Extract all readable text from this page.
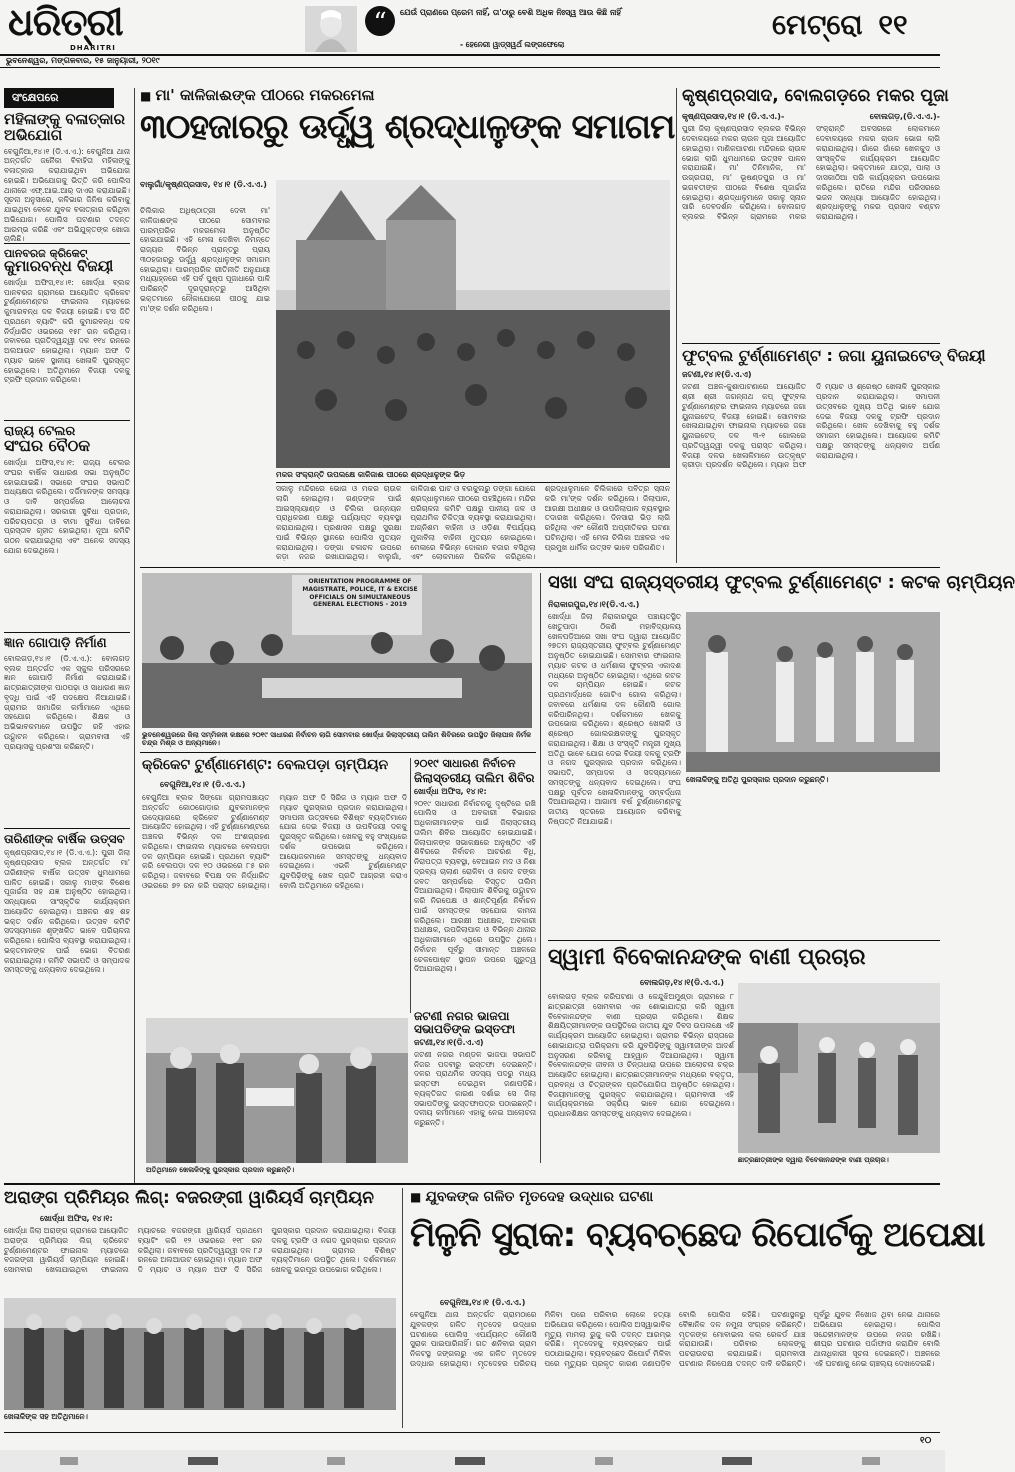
ଧରିତ୍ରୀ
DHARITRI
ଭୁବନେଶ୍ୱର, ମଙ୍ଗଳବାର, ୧୫ ଜାନୁୟାରୀ, ୨୦୧୯
“	ଯେଉଁ ପ୍ରାଣରେ ପ୍ରେମ ନାହିଁ, ତା'ଠାରୁ ବେଶି ଅଧିକ ନିଃସ୍ୱ ଆଉ କିଛି ନାହିଁ
- ହେନେରୀ ୱାଡ୍ସୱର୍ଥ ଲଙ୍ଗଫେଲୋ
ମେଟ୍ରୋ ୧୧
ସଂକ୍ଷେପରେ
ମହିଳାଙ୍କୁ ବଳାତ୍କାର ଅଭିଯୋଗ
ବେଗୁନିଆ,୧୪।୧ (ଡି.ଏ.ଏ.): ବେଗୁନିଆ ଥାନା ଅନ୍ତର୍ଗତ ଜନୈକା ବିବାହିତା ମହିଳାଙ୍କୁ ବଳାତ୍କାର କରାଯାଇଥିବା ଅଭିଯୋଗ ହୋଇଛି। ଅଭିଯୋଗକୁ ଭିତ୍ତି କରି ପୋଲିସ ଥାନାରେ ଏଫ୍.ଆଇ.ଆର୍ ଦାଏର କରାଯାଇଛି। ସୂଚନା ଅନୁସାରେ, କଳିଭାର ଜିନିଷ କରିବାକୁ ଯାଇଥିବା ବେଳେ ଯୁବକ ବଳାତ୍କାର କରିଥିବା ଅଭିଯୋଗ। ପୋଲିସ ଘଟଣାର ତଦନ୍ତ ଆରମ୍ଭ କରିଛି ଏବଂ ଅଭିଯୁକ୍ତଙ୍କ ଖୋଜା ଚାଲିଛି।
ପାନବରଜ କ୍ରିକେଟ୍
କୁମାରବନ୍ଧ ବିଜୟୀ
ଖୋର୍ଦ୍ଧା ଅଫିସ,୧୪।୧: ଖୋର୍ଦ୍ଧା ବ୍ଲକ ପାନବରଜ ଗ୍ରାମରେ ଆୟୋଜିତ କ୍ରିକେଟ ଟୁର୍ଣ୍ଣାମେଣ୍ଟର ଫାଇନାଲ ମ୍ୟାଚରେ କୁମାରବନ୍ଧ ଦଳ ବିଜୟୀ ହୋଇଛି। ଟସ ଜିତି ପ୍ରଥମେ ବ୍ୟାଟିଂ କରି କୁମାରବନ୍ଧ ଦଳ ନିର୍ଦ୍ଧାରିତ ଓଭରରେ ୧୫୮ ରନ କରିଥିଲା। ଜବାବରେ ପ୍ରତିଦ୍ୱନ୍ଦ୍ୱୀ ଦଳ ୧୧୪ ରନରେ ଅଲଆଉଟ ହୋଇଥିଲା। ମ୍ୟାନ ଅଫ ଦି ମ୍ୟାଚ ଭାବେ ସ୍ଥାନୀୟ ଖେଳାଳି ପୁରସ୍କୃତ ହୋଇଥିଲେ। ଅତିଥିମାନେ ବିଜୟୀ ଦଳକୁ ଟ୍ରଫି ପ୍ରଦାନ କରିଥିଲେ।
ରାଜ୍ୟ ଟେଲର
ସଂଘର ବୈଠକ
ଖୋର୍ଦ୍ଧା ଅଫିସ,୧୪।୧: ରାଜ୍ୟ ଟେଲର ସଂଘର ବାର୍ଷିକ ସାଧାରଣ ସଭା ଅନୁଷ୍ଠିତ ହୋଇଯାଇଛି। ସଭାରେ ସଂଘର ସଭାପତି ଅଧ୍ୟକ୍ଷତା କରିଥିଲେ। ଦର୍ଜିମାନଙ୍କ ସମସ୍ୟା ଓ ଦାବି ସମ୍ପର୍କରେ ଆଲୋଚନା କରାଯାଇଥିଲା। ସରକାରୀ ସୁବିଧା ପ୍ରଦାନ, ପରିଚୟପତ୍ର ଓ ବୀମା ସୁବିଧା ଦାବିରେ ପ୍ରସ୍ତାବ ଗୃହୀତ ହୋଇଥିଲା। ନୂଆ କମିଟି ଗଠନ କରାଯାଇଥିଲା ଏବଂ ଅନେକ ସଦସ୍ୟ ଯୋଗ ଦେଇଥିଲେ।
ଜ୍ଞାନ ଗୋପାଡ଼ି ନିର୍ମାଣ
ବୋଲଗଡ଼,୧୪।୧ (ଡି.ଏ.ଏ.): ବୋଲଗଡ଼ ବ୍ଲକ ଅନ୍ତର୍ଗତ ଏକ ସ୍କୁଲ ପରିସରରେ ଜ୍ଞାନ ଗୋପାଡ଼ି ନିର୍ମାଣ କରାଯାଇଛି। ଛାତ୍ରଛାତ୍ରୀଙ୍କ ପାଠପଢ଼ା ଓ ସାଧାରଣ ଜ୍ଞାନ ବୃଦ୍ଧି ପାଇଁ ଏହି ପଦକ୍ଷେପ ନିଆଯାଇଛି। ଗ୍ରାମର ସାମାଜିକ କର୍ମୀମାନେ ଏଥିରେ ସହଯୋଗ କରିଥିଲେ। ଶିକ୍ଷକ ଓ ଅଭିଭାବକମାନେ ଉପସ୍ଥିତ ରହି ଏହାର ଉଦ୍ଘାଟନ କରିଥିଲେ। ଗ୍ରାମବାସୀ ଏହି ପ୍ରୟାସକୁ ପ୍ରଶଂସା କରିଛନ୍ତି।
ତାରିଣୀଙ୍କ ବାର୍ଷିକ ଉତ୍ସବ
କୃଷ୍ଣପ୍ରସାଦ,୧୪।୧ (ଡି.ଏ.ଏ.): ପୁରୀ ଜିଲା କୃଷ୍ଣପ୍ରସାଦ ବ୍ଲକ ଅନ୍ତର୍ଗତ ମା' ତାରିଣୀଙ୍କ ବାର୍ଷିକ ଉତ୍ସବ ଧୁମଧାମରେ ପାଳିତ ହୋଇଛି। ସକାଳୁ ମାଙ୍କ ବିଶେଷ ପୂଜାର୍ଚ୍ଚନା ସହ ଯଜ୍ଞ ଅନୁଷ୍ଠିତ ହୋଇଥିଲା। ସନ୍ଧ୍ୟାରେ ସାଂସ୍କୃତିକ କାର୍ଯ୍ୟକ୍ରମ ଆୟୋଜିତ ହୋଇଥିଲା। ଅଞ୍ଚଳର ଶହ ଶହ ଭକ୍ତ ଦର୍ଶନ କରିଥିଲେ। ଉତ୍ସବ କମିଟି ସଦସ୍ୟମାନେ ଶୃଙ୍ଖଳିତ ଭାବେ ପରିଚାଳନା କରିଥିଲେ। ପୋଲିସ ବ୍ୟବସ୍ଥା କରାଯାଇଥିଲା। ଭକ୍ତମାନଙ୍କ ପାଇଁ ଭୋଗ ବିତରଣ କରାଯାଇଥିଲା। କମିଟି ସଭାପତି ଓ ସମ୍ପାଦକ ସମସ୍ତଙ୍କୁ ଧନ୍ୟବାଦ ଦେଇଥିଲେ।
■ ମା' କାଳିଜାଈଙ୍କ ପୀଠରେ ମକରମେଳା
୩୦ହଜାରରୁ ଊର୍ଦ୍ଧ୍ୱ ଶ୍ରଦ୍ଧାଳୁଙ୍କ ସମାଗମ
ବାଲୁଗାଁ/କୃଷ୍ଣପ୍ରସାଦ, ୧୪।୧ (ଡି.ଏ.ଏ.)
ଚିଲିକାର ଅଧିଷ୍ଠାତ୍ରୀ ଦେବୀ ମା' କାଳିଜାଈଙ୍କ ପୀଠରେ ସୋମବାର ପାରମ୍ପରିକ ମକରମେଳା ଅନୁଷ୍ଠିତ ହୋଇଯାଇଛି। ଏହି ମେଳା ଦେଖିବା ନିମନ୍ତେ ରାଜ୍ୟର ବିଭିନ୍ନ ପ୍ରାନ୍ତରୁ ପ୍ରାୟ ୩୦ହଜାରରୁ ଊର୍ଦ୍ଧ୍ୱ ଶ୍ରଦ୍ଧାଳୁଙ୍କ ସମାଗମ ହୋଇଥିଲା। ପାରମ୍ପରିକ ରୀତିନୀତି ଅନୁଯାୟୀ ମଧ୍ୟାହ୍ନରେ ଏହି ପର୍ବ ପୁଷ୍ପ ପୂଜାଧାରେ ପାଳି ପାରିଛନ୍ତି ଦୂରଦୂରାନ୍ତରୁ ଆସିଥିବା ଭକ୍ତମାନେ ନୌକାଯୋଗେ ପୀଠକୁ ଯାଇ ମା'ଙ୍କ ଦର୍ଶନ କରିଥିଲେ।
ମକର ସଂକ୍ରାନ୍ତି ଉପଲକ୍ଷେ କାଳିଜାଈ ପୀଠରେ ଶ୍ରଦ୍ଧାଳୁଙ୍କ ଭିଡ଼
ସକାଳୁ ମନ୍ଦିରରେ ଭୋଗ ଓ ମକର ଚାଉଳ ଲାଗି ହୋଇଥିଲା। ଗଣ୍ଡଙ୍କ ପାଇଁ ଆଇସ୍ଲ୍ୟାଣ୍ଡ ଓ ଚିଲିକା ଉନ୍ନୟନ ପ୍ରାଧିକରଣ ପକ୍ଷରୁ ପର୍ଯ୍ୟାପ୍ତ ବ୍ୟବସ୍ଥା କରାଯାଇଥିଲା। ପ୍ରଶାସନ ପକ୍ଷରୁ ସୁରକ୍ଷା ପାଇଁ ବିଭିନ୍ନ ସ୍ଥାନରେ ପୋଲିସ ମୁତୟନ କରାଯାଇଥିଲା। ଡଙ୍ଗା ଚଳାଚଳ ଉପରେ କଡ଼ା ନଜର ରଖାଯାଇଥିଲା। ବାଲୁଗାଁ, କାଳିଜାଈ ଘାଟ ଓ ବରକୁଲରୁ ଡଙ୍ଗା ଯୋଗେ ଶ୍ରଦ୍ଧାଳୁମାନେ ପୀଠରେ ପହଞ୍ଚିଥିଲେ। ମନ୍ଦିର ପରିଚାଳନା କମିଟି ପକ୍ଷରୁ ପାନୀୟ ଜଳ ଓ ପ୍ରାଥମିକ ଚିକିତ୍ସା ବ୍ୟବସ୍ଥା କରାଯାଇଥିଲା। ଅଗ୍ନିଶମ ବାହିନୀ ଓ ଓଡ଼ିଶା ବିପର୍ଯ୍ୟୟ ମୁକାବିଲା ବାହିନୀ ମୁତୟନ ହୋଇଥିଲେ। ମେଳାରେ ବିଭିନ୍ନ ଦୋକାନ ବଜାର ବସିଥିଲା ଏବଂ ଲୋକମାନେ ପିକନିକ କରିଥିଲେ। ଶ୍ରଦ୍ଧାଳୁମାନେ ଚିଲିକାରେ ପବିତ୍ର ସ୍ନାନ କରି ମା'ଙ୍କ ଦର୍ଶନ କରିଥିଲେ। ଜିଲାପାଳ, ଆରକ୍ଷୀ ଅଧୀକ୍ଷକ ଓ ଉପଜିଲାପାଳ ବ୍ୟବସ୍ଥାର ତଦାରଖ କରିଥିଲେ। ଦିନସାରା ଭିଡ଼ ଲାଗି ରହିଥିଲା ଏବଂ କୌଣସି ଅପ୍ରୀତିକର ଘଟଣା ଘଟିନଥିଲା। ଏହି ମେଳା ଚିଲିକା ଅଞ୍ଚଳର ଏକ ପ୍ରମୁଖ ଧାର୍ମିକ ଉତ୍ସବ ଭାବେ ପରିଗଣିତ।
କୃଷ୍ଣପ୍ରସାଦ, ବୋଲଗଡ଼ରେ ମକର ପୂଜା
କୃଷ୍ଣପ୍ରସାଦ,୧୪।୧ (ଡି.ଏ.ଏ.)-	ବୋଲଗଡ଼,(ଡି.ଏ.ଏ.)-
ପୁରୀ ଜିଲା କୃଷ୍ଣପ୍ରସାଦ ବ୍ଲକର ବିଭିନ୍ନ ଦେବାଳୟରେ ମକର ଚାଉଳ ପୂଜା ଆୟୋଜିତ ହୋଇଥିଲା। ମାଣିକପାଟଣା ମନ୍ଦିରରେ ଚାଉଳ ଭୋଗ ଲାଗି ଧୁମଧାମରେ ଉତ୍ସବ ପାଳନ କରାଯାଇଛି। ମା' ତିନିମାନିକ, ମା' ଉଗ୍ରତାରା, ମା' ଭୂଷଣ୍ଡପୁର ଓ ମା' ଭଗବତୀଙ୍କ ପୀଠରେ ବିଶେଷ ପୂଜାର୍ଚ୍ଚନା ହୋଇଥିଲା। ଶ୍ରଦ୍ଧାଳୁମାନେ ସକାଳୁ ସ୍ନାନ ସାରି ଦେବଦର୍ଶନ କରିଥିଲେ। ବୋଲଗଡ଼ ବ୍ଲକର ବିଭିନ୍ନ ଗ୍ରାମରେ ମକର ସଂକ୍ରାନ୍ତି ଅବସରରେ ଲୋକମାନେ ଦେବାଳୟରେ ମକର ଚାଉଳ ଭୋଗ ଲାଗି କରାଯାଇଥିଲା। ଗାଁରେ ଗାଁରେ ଖେଳକୁଦ ଓ ସାଂସ୍କୃତିକ କାର୍ଯ୍ୟକ୍ରମ ଆୟୋଜିତ ହୋଇଥିଲା। ଭକ୍ତମାନେ ଯାତ୍ରା, ପାଲା ଓ ଦାସକାଠିଆ ପରି କାର୍ଯ୍ୟକ୍ରମ ଉପଭୋଗ କରିଥିଲେ। ରାତିରେ ମନ୍ଦିର ପରିସରରେ ଭଜନ ସନ୍ଧ୍ୟା ଆୟୋଜିତ ହୋଇଥିଲା। ଶ୍ରଦ୍ଧାଳୁଙ୍କୁ ମକର ପ୍ରସାଦ ବଣ୍ଟନ କରାଯାଇଥିଲା।
ଫୁଟ୍ବଲ ଟୁର୍ଣ୍ଣାମେଣ୍ଟ : ଜଗା ୟୁନାଇଟେଡ୍ ବିଜୟୀ
ଜଟଣୀ,୧୪।୧(ଡି.ଏ.ଏ)
ଜଟଣୀ ଅଞ୍ଚଳ-କୁଶାପାଟଣାରେ ଆୟୋଜିତ ଶ୍ରୀ ଶ୍ରୀ ଜଗନ୍ନାଥ କପ୍ ଫୁଟ୍ବଲ ଟୁର୍ଣ୍ଣାମେଣ୍ଟର ଫାଇନାଲ ମ୍ୟାଚରେ ଜଗା ୟୁନାଇଟେଡ୍ ବିଜୟୀ ହୋଇଛି। ସୋମବାର ଖେଳାଯାଇଥିବା ଫାଇନାଲ ମ୍ୟାଚରେ ଜଗା ୟୁନାଇଟେଡ୍ ଦଳ ୩-୧ ଗୋଲରେ ପ୍ରତିଦ୍ୱନ୍ଦ୍ୱୀ ଦଳକୁ ପରାସ୍ତ କରିଥିଲା। ବିଜୟୀ ଦଳର ଖେଳାଳିମାନେ ଉତ୍କୃଷ୍ଟ କ୍ରୀଡ଼ା ପ୍ରଦର୍ଶନ କରିଥିଲେ। ମ୍ୟାନ ଅଫ ଦି ମ୍ୟାଚ ଓ ଶ୍ରେଷ୍ଠ ଖେଳାଳି ପୁରସ୍କାର ପ୍ରଦାନ କରାଯାଇଥିଲା। ସମାପନୀ ଉତ୍ସବରେ ମୁଖ୍ୟ ଅତିଥି ଭାବେ ଯୋଗ ଦେଇ ବିଜୟୀ ଦଳକୁ ଟ୍ରଫି ପ୍ରଦାନ କରିଥିଲେ। ଖେଳ ଦେଖିବାକୁ ବହୁ ଦର୍ଶକ ସମାଗମ ହୋଇଥିଲେ। ଆୟୋଜକ କମିଟି ପକ୍ଷରୁ ସମସ୍ତଙ୍କୁ ଧନ୍ୟବାଦ ଅର୍ପଣ କରାଯାଇଥିଲା।
ORIENTATION PROGRAMME OF MAGISTRATE, POLICE, IT & EXCISE OFFICIALS ON SIMULTANEOUS GENERAL ELECTIONS - 2019
ଭୁବନେଶ୍ୱରରେ ଜିଲା ସମ୍ମିଳନୀ କକ୍ଷରେ ୨୦୧୯ ସାଧାରଣ ନିର୍ବାଚନ ଲାଗି ସୋମବାର ଖୋର୍ଦ୍ଧା ଜିଲାସ୍ତରୀୟ ତାଲିମ ଶିବିରରେ ଉପସ୍ଥିତ ଜିଲାପାଳ ନିର୍ମଳ ଚନ୍ଦ୍ର ମିଶ୍ର ଓ ଅନ୍ୟମାନେ।
ସଖା ସଂଘ ରାଜ୍ୟସ୍ତରୀୟ ଫୁଟ୍ବଲ ଟୁର୍ଣ୍ଣାମେଣ୍ଟ : କଟକ ଚାମ୍ପିୟନ
ନିରାକାରପୁର,୧୪।୧(ଡି.ଏ.ଏ.)
ଖୋର୍ଦ୍ଧା ଜିଲା ନିରାକାରପୁର ପଞ୍ଚାୟତସ୍ଥିତ ଖେତୁପାଡ଼ା ଠିକଣି ମହାବିଦ୍ୟାଳୟ ଖେଳପଡ଼ିଆରେ ସଖା ସଂଘ ଦ୍ୱାରା ଆୟୋଜିତ ୨୭ତମ ରାଜ୍ୟସ୍ତରୀୟ ଫୁଟ୍ବଲ ଟୁର୍ଣ୍ଣାମେଣ୍ଟ ଅନୁଷ୍ଠିତ ହୋଇଯାଇଛି। ସୋମବାର ଫାଇନାଲ ମ୍ୟାଚ କଟକ ଓ ଧର୍ମଶାଳା ଫୁଟ୍ବଲ ଏକାଦଶ ମଧ୍ୟରେ ଅନୁଷ୍ଠିତ ହୋଇଥିଲା। ଏଥିରେ କଟକ ଦଳ ଚାମ୍ପିୟନ ହୋଇଛି। କଟକ ପ୍ରଥମାର୍ଦ୍ଧରେ ଗୋଟିଏ ଗୋଲ କରିଥିଲା। ଜବାବରେ ଧର୍ମଶାଳା ଦଳ କୌଣସି ଗୋଲ କରିପାରିନଥିଲା। ଦର୍ଶକମାନେ ଖେଳକୁ ଉପଭୋଗ କରିଥିଲେ। ଶ୍ରେଷ୍ଠ ଖେଳାଳି ଓ ଶ୍ରେଷ୍ଠ ଗୋଲରକ୍ଷକଙ୍କୁ ପୁରସ୍କୃତ କରାଯାଇଥିଲା। ଶିକ୍ଷା ଓ ସଂସ୍କୃତି ମନ୍ତ୍ରୀ ମୁଖ୍ୟ ଅତିଥି ଭାବେ ଯୋଗ ଦେଇ ବିଜୟୀ ଦଳକୁ ଟ୍ରଫି ଓ ନଗଦ ପୁରସ୍କାର ପ୍ରଦାନ କରିଥିଲେ। ସଭାପତି, ସମ୍ପାଦକ ଓ ସଦସ୍ୟମାନେ ସମସ୍ତଙ୍କୁ ଧନ୍ୟବାଦ ଦେଇଥିଲେ। ସଂଘ ପକ୍ଷରୁ ପୂର୍ବତନ ଖେଳାଳିମାନଙ୍କୁ ସମ୍ବର୍ଦ୍ଧନା ଦିଆଯାଇଥିଲା। ଆଗାମୀ ବର୍ଷ ଟୁର୍ଣ୍ଣାମେଣ୍ଟକୁ ଜାତୀୟ ସ୍ତରରେ ଆୟୋଜନ କରିବାକୁ ନିଷ୍ପତ୍ତି ନିଆଯାଇଛି।
ଖେଳାଳିଙ୍କୁ ଅତିଥି ପୁରସ୍କାର ପ୍ରଦାନ କରୁଛନ୍ତି।
କ୍ରିକେଟ ଟୁର୍ଣ୍ଣାମେଣ୍ଟ: ବେଲପଡ଼ା ଚାମ୍ପିୟନ
ବେଗୁନିଆ,୧୪।୧ (ଡି.ଏ.ଏ.)
ବେଗୁନିଆ ବ୍ଲକ ସିଙ୍ଗୋ ଗ୍ରାମପଞ୍ଚାୟତ ଅନ୍ତର୍ଗତ କୋଠଗୋଡ଼ାର ଯୁବକମାନଙ୍କ ଉଦ୍ୟୋଗରେ କ୍ରିକେଟ ଟୁର୍ଣ୍ଣାମେଣ୍ଟ ଆୟୋଜିତ ହୋଇଥିଲା। ଏହି ଟୁର୍ଣ୍ଣାମେଣ୍ଟରେ ଅଞ୍ଚଳର ବିଭିନ୍ନ ଦଳ ଅଂଶଗ୍ରହଣ କରିଥିଲେ। ଫାଇନାଲ ମ୍ୟାଚରେ ବେଲପଡ଼ା ଦଳ ଚାମ୍ପିୟନ ହୋଇଛି। ପ୍ରଥମେ ବ୍ୟାଟିଂ କରି ବେଲପଡ଼ା ଦଳ ୧୦ ଓଭରରେ ୮୫ ରନ କରିଥିଲା। ଜବାବରେ ବିପକ୍ଷ ଦଳ ନିର୍ଦ୍ଧାରିତ ଓଭରରେ ୭୨ ରନ କରି ପରାସ୍ତ ହୋଇଥିଲା। ମ୍ୟାନ ଅଫ ଦି ସିରିଜ ଓ ମ୍ୟାନ ଅଫ ଦି ମ୍ୟାଚ ପୁରସ୍କାର ପ୍ରଦାନ କରାଯାଇଥିଲା। ସମାପନୀ ଉତ୍ସବରେ ବିଶିଷ୍ଟ ବ୍ୟକ୍ତିମାନେ ଯୋଗ ଦେଇ ବିଜୟୀ ଓ ଉପବିଜୟୀ ଦଳକୁ ପୁରସ୍କୃତ କରିଥିଲେ। ଖେଳକୁ ବହୁ ସଂଖ୍ୟାରେ ଦର୍ଶକ ଉପଭୋଗ କରିଥିଲେ। ଆୟୋଜକମାନେ ସମସ୍ତଙ୍କୁ ଧନ୍ୟବାଦ ଦେଇଥିଲେ। ଏଭଳି ଟୁର୍ଣ୍ଣାମେଣ୍ଟ ଯୁବପିଢ଼ିଙ୍କୁ ଖେଳ ପ୍ରତି ଆଗ୍ରହୀ କରାଏ ବୋଲି ଅତିଥିମାନେ କହିଥିଲେ।
୨୦୧୯ ସାଧାରଣ ନିର୍ବାଚନ
ଜିଲାସ୍ତରୀୟ ତାଲିମ ଶିବିର
ଖୋର୍ଦ୍ଧା ଅଫିସ, ୧୪।୧:
୨୦୧୯ ସାଧାରଣ ନିର୍ବାଚନକୁ ଦୃଷ୍ଟିରେ ରଖି ପୋଲିସ ଓ ଅବକାରୀ ବିଭାଗର ଅଧିକାରୀମାନଙ୍କ ପାଇଁ ଜିଲାସ୍ତରୀୟ ତାଲିମ ଶିବିର ଆୟୋଜିତ ହୋଇଯାଇଛି। ଜିଲାପାଳଙ୍କ ସଭାକକ୍ଷରେ ଅନୁଷ୍ଠିତ ଏହି ଶିବିରରେ ନିର୍ବାଚନ ଆଚରଣ ବିଧି, ନିରାପତ୍ତା ବ୍ୟବସ୍ଥା, ବେଆଇନ ମଦ ଓ ନିଶା ଦ୍ରବ୍ୟ ଚାଲାଣ ରୋକିବା ଓ ନଗଦ ଟଙ୍କା ଜବତ ସମ୍ପର୍କରେ ବିସ୍ତୃତ ତାଲିମ ଦିଆଯାଇଥିଲା। ଜିଲାପାଳ ଶିବିରକୁ ଉଦ୍ଘାଟନ କରି ନିରପେକ୍ଷ ଓ ଶାନ୍ତିପୂର୍ଣ୍ଣ ନିର୍ବାଚନ ପାଇଁ ସମସ୍ତଙ୍କ ସହଯୋଗ କାମନା କରିଥିଲେ। ଆରକ୍ଷୀ ଅଧୀକ୍ଷକ, ଅବକାରୀ ଅଧୀକ୍ଷକ, ଉପଜିଲାପାଳ ଓ ବିଭିନ୍ନ ଥାନାର ଅଧିକାରୀମାନେ ଏଥିରେ ଉପସ୍ଥିତ ଥିଲେ। ନିର୍ବାଚନ ପୂର୍ବରୁ ସୀମାନ୍ତ ଅଞ୍ଚଳରେ ଚେକପୋଷ୍ଟ ସ୍ଥାପନ ଉପରେ ଗୁରୁତ୍ୱ ଦିଆଯାଇଥିଲା।	ସ୍ୱାମୀ ବିବେକାନନ୍ଦଙ୍କ ବାଣୀ ପ୍ରଚାର
ବୋଲଗଡ଼,୧୪।୧(ଡି.ଏ.ଏ.)
ବୋଲଗଡ଼ ବ୍ଲକ କରିପଟଣା ଓ କେନ୍ଦୁଝିଅମୁଣ୍ଡା ଗ୍ରାମରେ ୮ ଛାତ୍ରଛାତ୍ରୀ ସୋମବାର ଏକ ଶୋଭାଯାତ୍ରା କରି ସ୍ୱାମୀ ବିବେକାନନ୍ଦଙ୍କ ବାଣୀ ପ୍ରଚାର କରିଥିଲେ। ଶିକ୍ଷକ ଶିକ୍ଷୟିତ୍ରୀମାନଙ୍କ ଉପସ୍ଥିତିରେ ଜାତୀୟ ଯୁବ ଦିବସ ଉପଲକ୍ଷେ ଏହି କାର୍ଯ୍ୟକ୍ରମ ଆୟୋଜିତ ହୋଇଥିଲା। ଗ୍ରାମର ବିଭିନ୍ନ ରାସ୍ତାରେ ଶୋଭାଯାତ୍ରା ପରିକ୍ରମା କରି ଯୁବପିଢ଼ିଙ୍କୁ ସ୍ୱାମୀଜୀଙ୍କ ଆଦର୍ଶ ଅନୁସରଣ କରିବାକୁ ଆହ୍ୱାନ ଦିଆଯାଇଥିଲା। ସ୍ୱାମୀ ବିବେକାନନ୍ଦଙ୍କ ଜୀବନୀ ଓ ଚିନ୍ତାଧାରା ଉପରେ ଆଲୋଚନା ଚକ୍ର ଆୟୋଜିତ ହୋଇଥିଲା। ଛାତ୍ରଛାତ୍ରୀମାନଙ୍କ ମଧ୍ୟରେ ବକ୍ତୃତା, ପ୍ରବନ୍ଧ ଓ ଚିତ୍ରାଙ୍କନ ପ୍ରତିଯୋଗିତା ଅନୁଷ୍ଠିତ ହୋଇଥିଲା। ବିଜୟୀମାନଙ୍କୁ ପୁରସ୍କୃତ କରାଯାଇଥିଲା। ଗ୍ରାମବାସୀ ଏହି କାର୍ଯ୍ୟକ୍ରମରେ ସକ୍ରିୟ ଭାବେ ଯୋଗ ଦେଇଥିଲେ। ପ୍ରଧାନଶିକ୍ଷକ ସମସ୍ତଙ୍କୁ ଧନ୍ୟବାଦ ଦେଇଥିଲେ।
ଛାତ୍ରଛାତ୍ରୀଙ୍କ ଦ୍ୱାରା ବିବେକାନନ୍ଦଙ୍କ ବାଣୀ ପ୍ରଚାର।
ଜଟଣୀ ନଗର ଭାଜପା ସଭାପତିଙ୍କ ଇସ୍ତଫା
ଜଟଣୀ,୧୪।୧(ଡି.ଏ.ଏ)
ଜଟଣୀ ନଗର ମଣ୍ଡଳ ଭାଜପା ସଭାପତି ନିଜର ପଦବୀରୁ ଇସ୍ତଫା ଦେଇଛନ୍ତି। ଦଳର ପ୍ରାଥମିକ ସଦସ୍ୟ ପଦରୁ ମଧ୍ୟ ଇସ୍ତଫା ଦେଇଥିବା ଜଣାପଡ଼ିଛି। ବ୍ୟକ୍ତିଗତ କାରଣ ଦର୍ଶାଇ ସେ ଜିଲା ସଭାପତିଙ୍କୁ ଇସ୍ତଫାପତ୍ର ପଠାଇଛନ୍ତି। ଦଳୀୟ କର୍ମୀମାନେ ଏହାକୁ ନେଇ ଆଲୋଚନା କରୁଛନ୍ତି।
ଅତିଥିମାନେ ଖେଳାଳିଙ୍କୁ ପୁରସ୍କାର ପ୍ରଦାନ କରୁଛନ୍ତି।
ଅରାଙ୍ଗ ପ୍ରିମିୟର ଲିଗ୍: ବଜରଙ୍ଗୀ ୱାରିୟର୍ସ ଚାମ୍ପିୟନ
ଖୋର୍ଦ୍ଧା ଅଫିସ, ୧୪।୧:
ଖୋର୍ଦ୍ଧା ଜିଲା ଅରାଙ୍ଗ ଗ୍ରାମରେ ଆୟୋଜିତ ଅରାଙ୍ଗ ପ୍ରିମିୟର ଲିଗ୍ କ୍ରିକେଟ ଟୁର୍ଣ୍ଣାମେଣ୍ଟର ଫାଇନାଲ ମ୍ୟାଚରେ ବଜରଙ୍ଗୀ ୱାରିୟର୍ସ ଚାମ୍ପିୟନ ହୋଇଛି। ସୋମବାର ଖେଳାଯାଇଥିବା ଫାଇନାଲ ମ୍ୟାଚରେ ବଜରଙ୍ଗୀ ୱାରିୟର୍ସ ପ୍ରଥମେ ବ୍ୟାଟିଂ କରି ୧୨ ଓଭରରେ ୧୧୮ ରନ କରିଥିଲା। ଜବାବରେ ପ୍ରତିଦ୍ୱନ୍ଦ୍ୱୀ ଦଳ ୮୬ ରନରେ ଅଲଆଉଟ ହୋଇଥିଲା। ମ୍ୟାନ ଅଫ ଦି ମ୍ୟାଚ ଓ ମ୍ୟାନ ଅଫ ଦି ସିରିଜ ପୁରସ୍କାର ପ୍ରଦାନ କରାଯାଇଥିଲା। ବିଜୟୀ ଦଳକୁ ଟ୍ରଫି ଓ ନଗଦ ପୁରସ୍କାର ପ୍ରଦାନ କରାଯାଇଥିଲା। ଗ୍ରାମର ବିଶିଷ୍ଟ ବ୍ୟକ୍ତିମାନେ ଉପସ୍ଥିତ ଥିଲେ। ଦର୍ଶକମାନେ ଖେଳକୁ ଭରପୂର ଉପଭୋଗ କରିଥିଲେ।
ଖେଳାଳିଙ୍କ ସହ ଅତିଥିମାନେ।
■ ଯୁବକଙ୍କ ଗଳିତ ମୃତଦେହ ଉଦ୍ଧାର ଘଟଣା
ମିଳୁନି ସୁରାକ: ବ୍ୟବଚ୍ଛେଦ ରିପୋର୍ଟକୁ ଅପେକ୍ଷା
ବେଗୁନିଆ,୧୪।୧ (ଡି.ଏ.ଏ.)
ବେଗୁନିଆ ଥାନା ଅନ୍ତର୍ଗତ ଗ୍ରାମଠାରେ ଯୁବକଙ୍କ ଗଳିତ ମୃତଦେହ ଉଦ୍ଧାର ଘଟଣାରେ ପୋଲିସ ଏପର୍ଯ୍ୟନ୍ତ କୌଣସି ସୁରାକ ପାଇପାରିନାହିଁ। ଗତ ଶନିବାର ଗ୍ରାମ ନିକଟସ୍ଥ ଜଙ୍ଗଲରୁ ଏକ ଗଳିତ ମୃତଦେହ ଉଦ୍ଧାର ହୋଇଥିଲା। ମୃତଦେହର ପରିଚୟ ମିଳିବା ପରେ ପରିବାର ଲୋକେ ହତ୍ୟା ଅଭିଯୋଗ କରିଥିଲେ। ପୋଲିସ ଅସ୍ୱାଭାବିକ ମୃତ୍ୟୁ ମାମଲା ରୁଜୁ କରି ତଦନ୍ତ ଆରମ୍ଭ କରିଛି। ମୃତଦେହକୁ ବ୍ୟବଚ୍ଛେଦ ପାଇଁ ପଠାଯାଇଥିଲା। ବ୍ୟବଚ୍ଛେଦ ରିପୋର୍ଟ ମିଳିବା ପରେ ମୃତ୍ୟୁର ପ୍ରକୃତ କାରଣ ଜଣାପଡ଼ିବ ବୋଲି ପୋଲିସ କହିଛି। ଘଟଣାସ୍ଥଳରୁ ବୈଜ୍ଞାନିକ ଦଳ ନମୁନା ସଂଗ୍ରହ କରିଛନ୍ତି। ମୃତକଙ୍କ ମୋବାଇଲ କଲ ରେକର୍ଡ ଯାଞ୍ଚ କରାଯାଉଛି। ପରିବାର ଲୋକଙ୍କୁ ପଚରାଉଚରା କରାଯାଇଛି। ଗ୍ରାମବାସୀ ଘଟଣାର ନିରପେକ୍ଷ ତଦନ୍ତ ଦାବି କରିଛନ୍ତି। ପୂର୍ବରୁ ଯୁବକ ନିଖୋଜ ଥିବା ନେଇ ଥାନାରେ ଅଭିଯୋଗ ହୋଇଥିଲା। ପୋଲିସ ସନ୍ଦେହୀମାନଙ୍କ ଉପରେ ନଜର ରଖିଛି। ଶୀଘ୍ର ଘଟଣାର ପର୍ଦ୍ଦାଫାସ କରାଯିବ ବୋଲି ଥାନାଧିକାରୀ ସୂଚନା ଦେଇଛନ୍ତି। ଅଞ୍ଚଳରେ ଏହି ଘଟଣାକୁ ନେଇ ଚାଞ୍ଚଲ୍ୟ ଦେଖାଦେଇଛି।
୧୦
